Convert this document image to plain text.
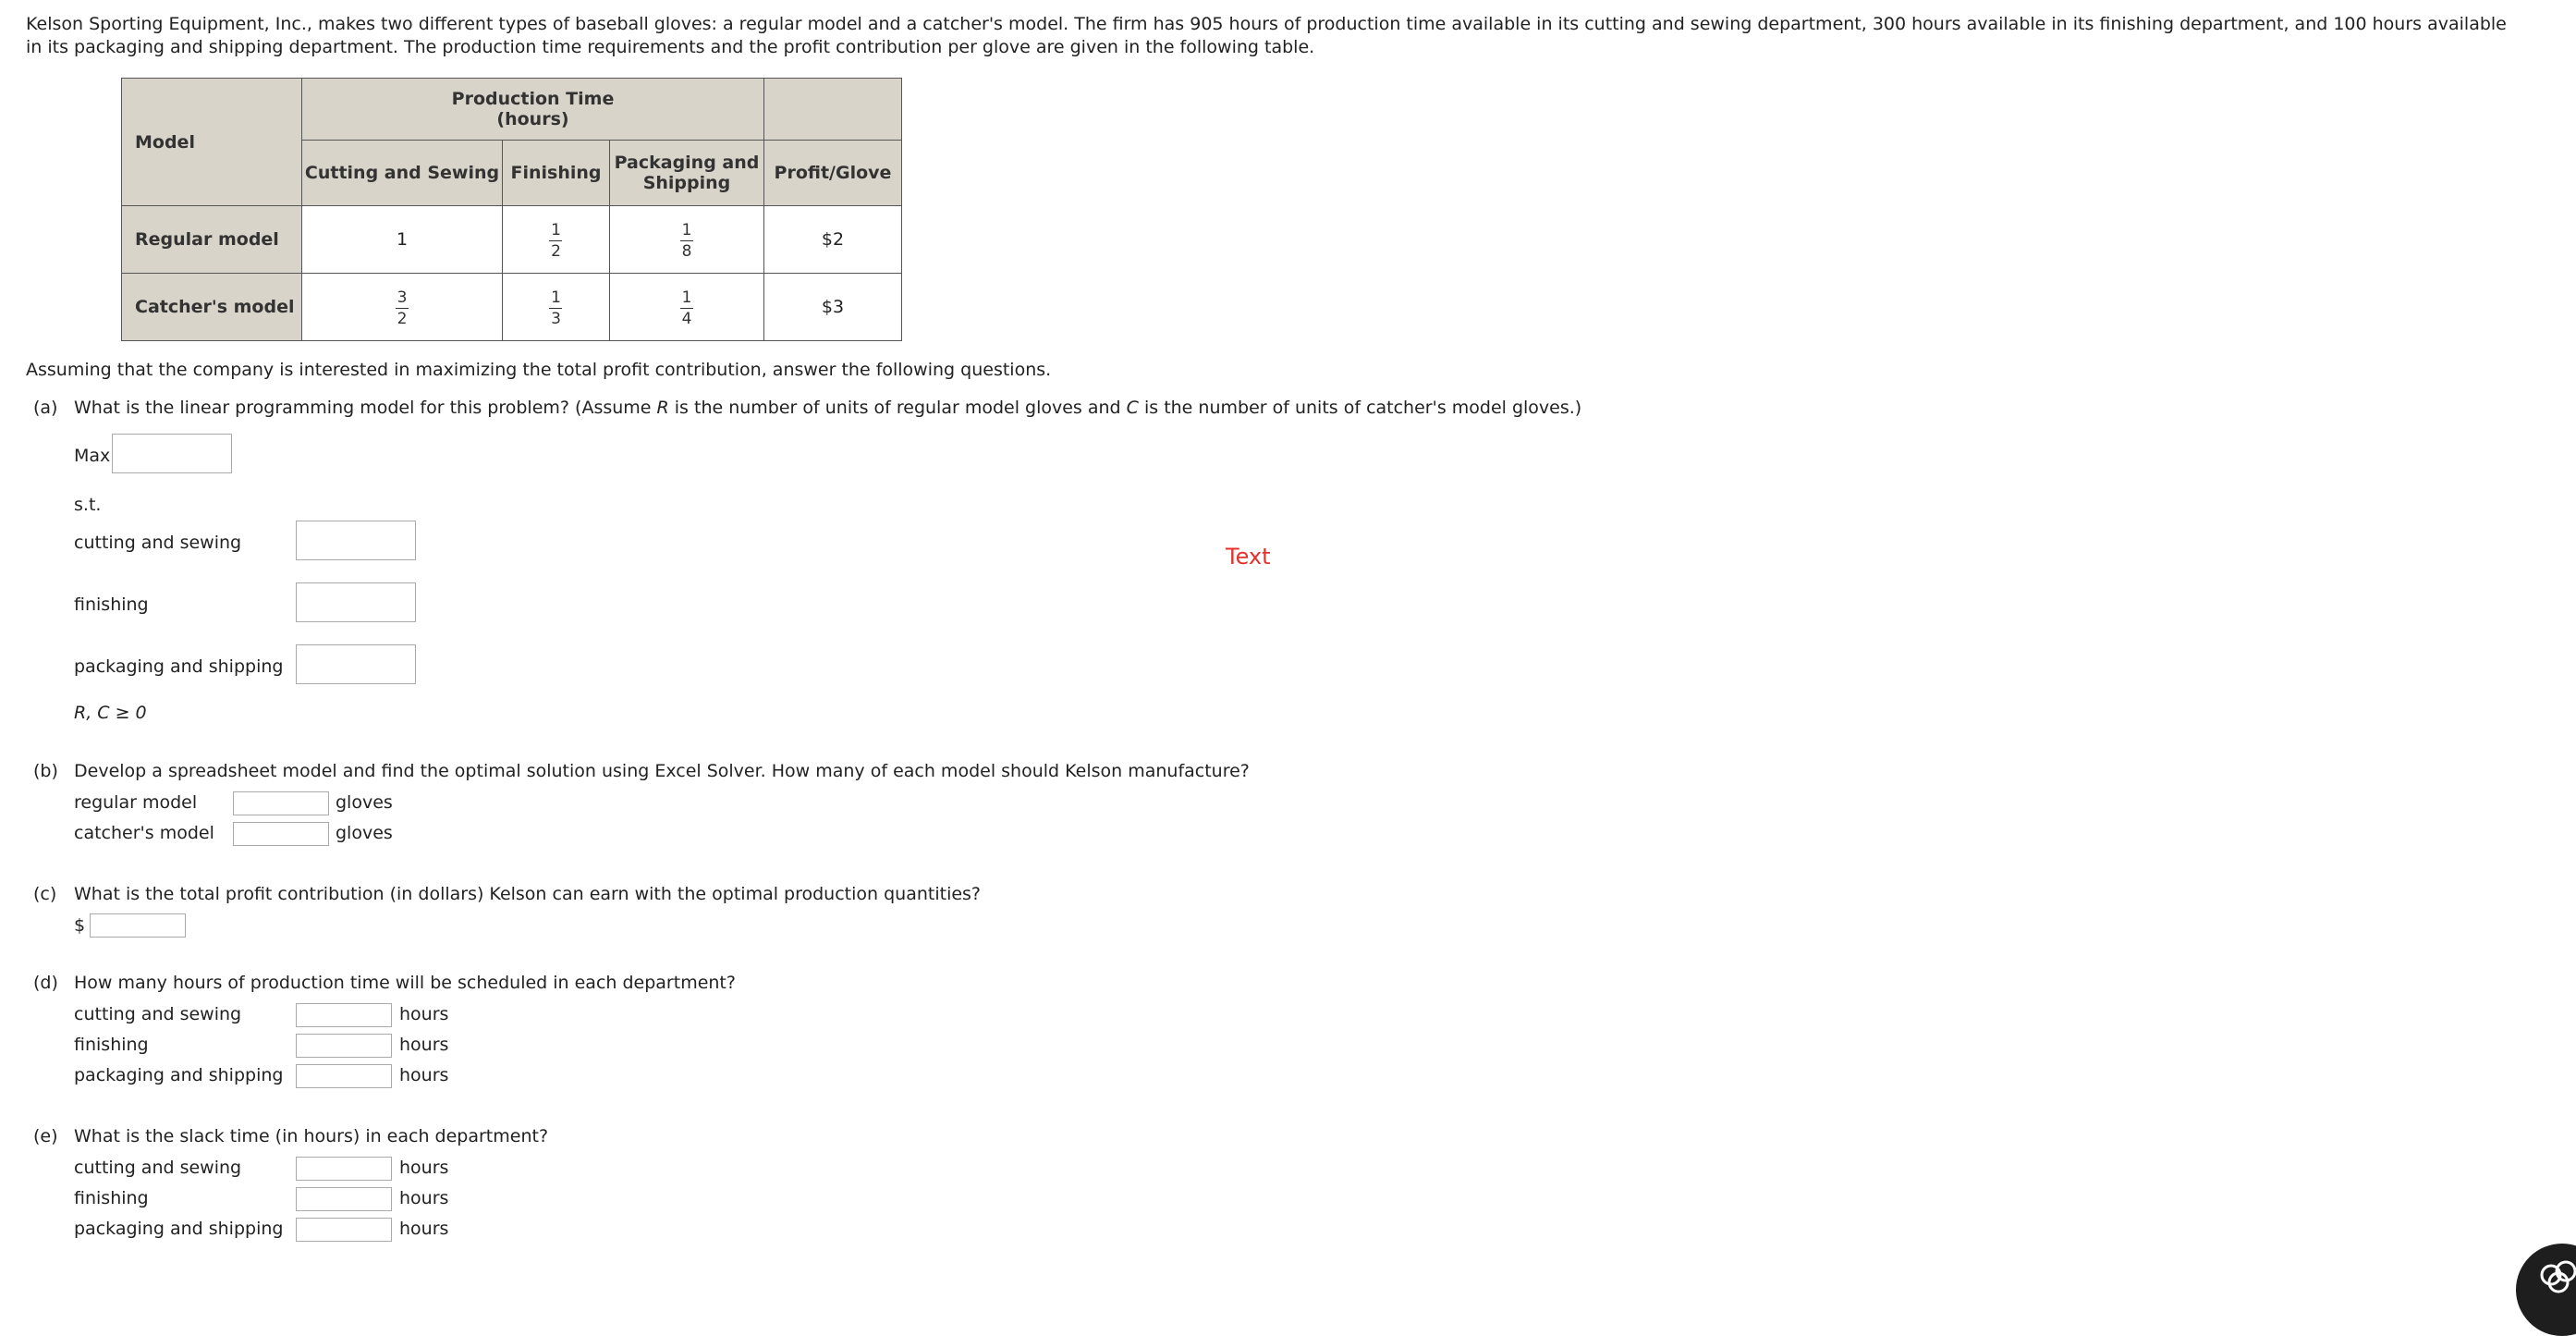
Kelson Sporting Equipment, Inc., makes two different types of baseball gloves: a regular model and a catcher's model. The firm has 905 hours of production time available in its cutting and sewing department, 300 hours available in its finishing department, and 100 hours available in its packaging and shipping department. The production time requirements and the profit contribution per glove are given in the following table.
Model	Production Time
(hours)			

	Cutting and Sewing	Finishing	Packaging and
Shipping	Profit/Glove
Regular model	1	$\frac{1}{2}$	$\frac{1}{8}$	$2
Catcher's model	$\frac{3}{2}$	$\frac{1}{3}$	$\frac{1}{4}$	$3
Assuming that the company is interested in maximizing the total profit contribution, answer the following questions.
(a) What is the linear programming model for this problem? (Assume R is the number of units of regular model gloves and C is the number of units of catcher's model gloves.)
Max
s.t.
cutting and sewing
finishing
packaging and shipping
R, C ≥ 0
Text
(b) Develop a spreadsheet model and find the optimal solution using Excel Solver. How many of each model should Kelson manufacture?
regular model	gloves
catcher's model	gloves
(c) What is the total profit contribution (in dollars) Kelson can earn with the optimal production quantities?
$
(d) How many hours of production time will be scheduled in each department?
cutting and sewing	hours
finishing	hours
packaging and shipping	hours
(e) What is the slack time (in hours) in each department?
cutting and sewing	hours
finishing	hours
packaging and shipping	hours
